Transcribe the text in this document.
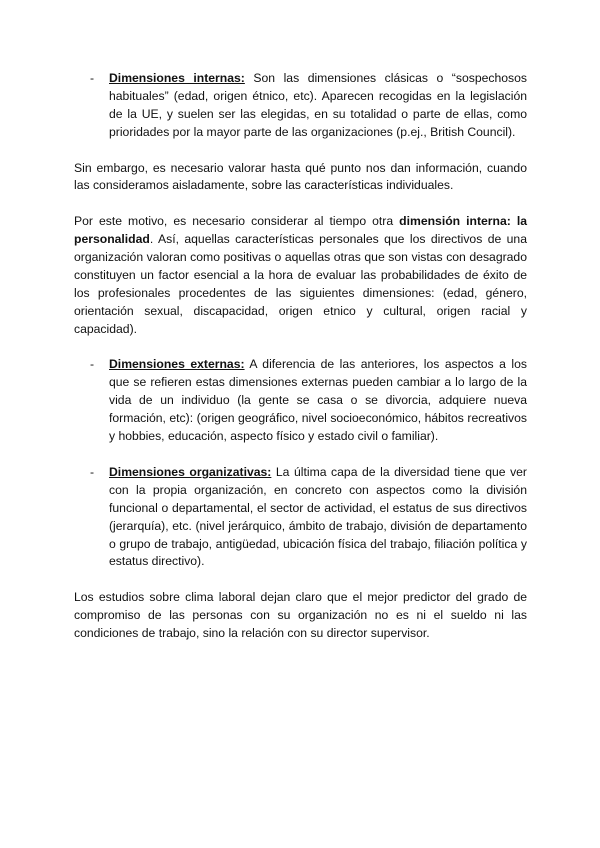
- Dimensiones internas: Son las dimensiones clásicas o “sospechosos habituales” (edad, origen étnico, etc). Aparecen recogidas en la legislación de la UE, y suelen ser las elegidas, en su totalidad o parte de ellas, como prioridades por la mayor parte de las organizaciones (p.ej., British Council).

Sin embargo, es necesario valorar hasta qué punto nos dan información, cuando las consideramos aisladamente, sobre las características individuales.

Por este motivo, es necesario considerar al tiempo otra dimensión interna: la personalidad. Así, aquellas características personales que los directivos de una organización valoran como positivas o aquellas otras que son vistas con desagrado constituyen un factor esencial a la hora de evaluar las probabilidades de éxito de los profesionales procedentes de las siguientes dimensiones: (edad, género, orientación sexual, discapacidad, origen etnico y cultural, origen racial y capacidad).

- Dimensiones externas: A diferencia de las anteriores, los aspectos a los que se refieren estas dimensiones externas pueden cambiar a lo largo de la vida de un individuo (la gente se casa o se divorcia, adquiere nueva formación, etc): (origen geográfico, nivel socioeconómico, hábitos recreativos y hobbies, educación, aspecto físico y estado civil o familiar).

- Dimensiones organizativas: La última capa de la diversidad tiene que ver con la propia organización, en concreto con aspectos como la división funcional o departamental, el sector de actividad, el estatus de sus directivos (jerarquía), etc. (nivel jerárquico, ámbito de trabajo, división de departamento o grupo de trabajo, antigüedad, ubicación física del trabajo, filiación política y estatus directivo).

Los estudios sobre clima laboral dejan claro que el mejor predictor del grado de compromiso de las personas con su organización no es ni el sueldo ni las condiciones de trabajo, sino la relación con su director supervisor.
